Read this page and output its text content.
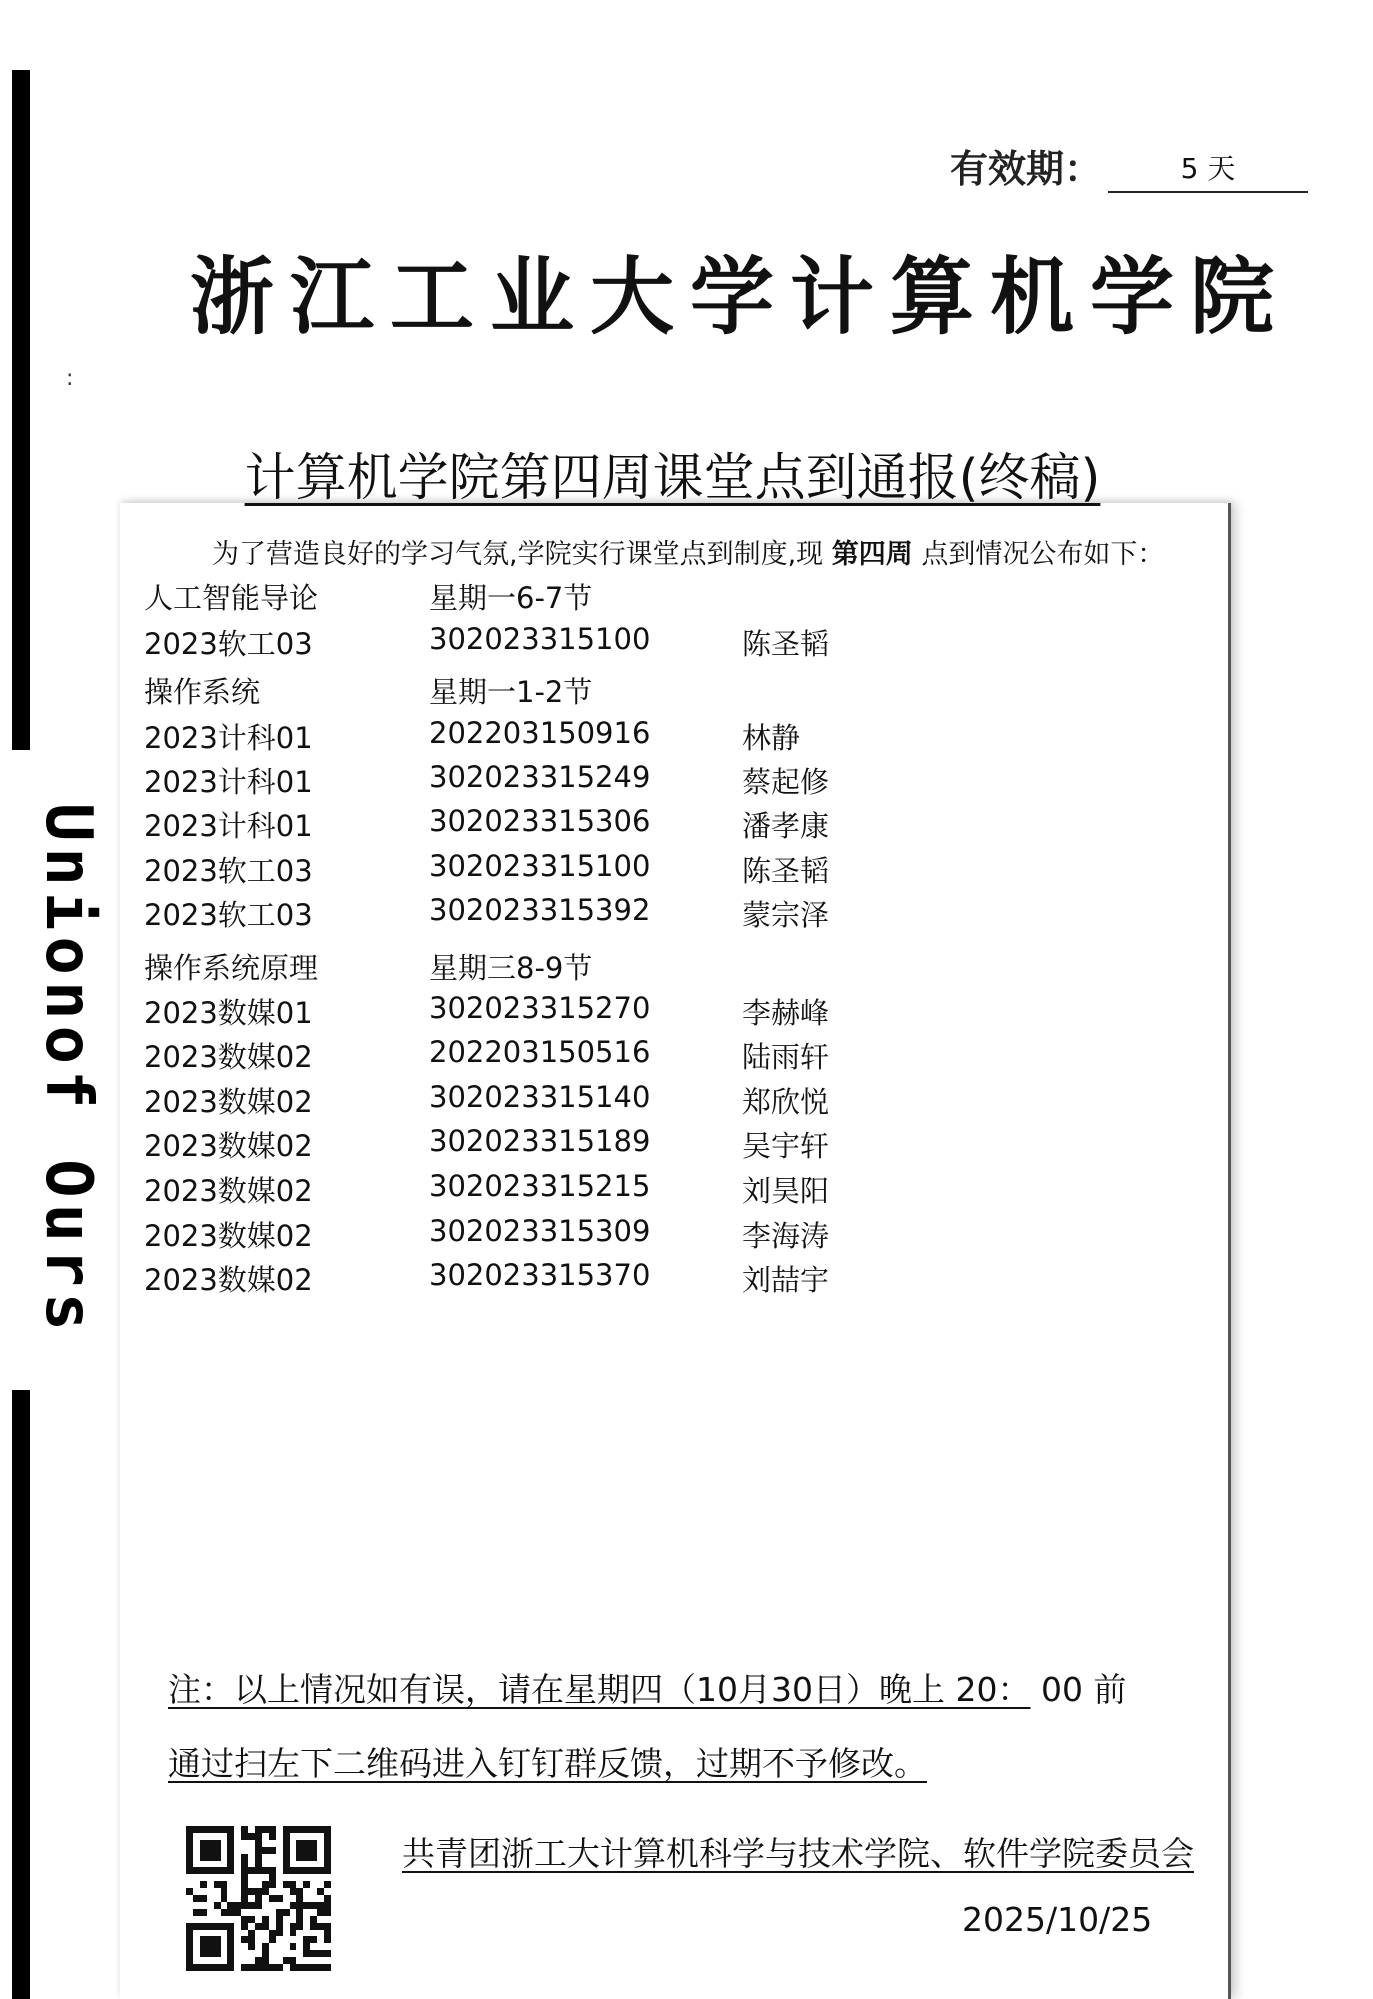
Unionof Ours
:
有效期：	5 天
浙江工业大学计算机学院
计算机学院第四周课堂点到通报(终稿)
为了营造良好的学习气氛,学院实行课堂点到制度,现 第四周 点到情况公布如下：
人工智能导论	星期一6-7节
2023软工03	302023315100	陈圣韬
操作系统	星期一1-2节
2023计科01	202203150916	林静
2023计科01	302023315249	蔡起修
2023计科01	302023315306	潘孝康
2023软工03	302023315100	陈圣韬
2023软工03	302023315392	蒙宗泽
操作系统原理	星期三8-9节
2023数媒01	302023315270	李赫峰
2023数媒02	202203150516	陆雨轩
2023数媒02	302023315140	郑欣悦
2023数媒02	302023315189	吴宇轩
2023数媒02	302023315215	刘昊阳
2023数媒02	302023315309	李海涛
2023数媒02	302023315370	刘喆宇
注：以上情况如有误，请在星期四（10月30日）晚上 20： 00 前
通过扫左下二维码进入钉钉群反馈，过期不予修改。
共青团浙工大计算机科学与技术学院、软件学院委员会
2025/10/25
